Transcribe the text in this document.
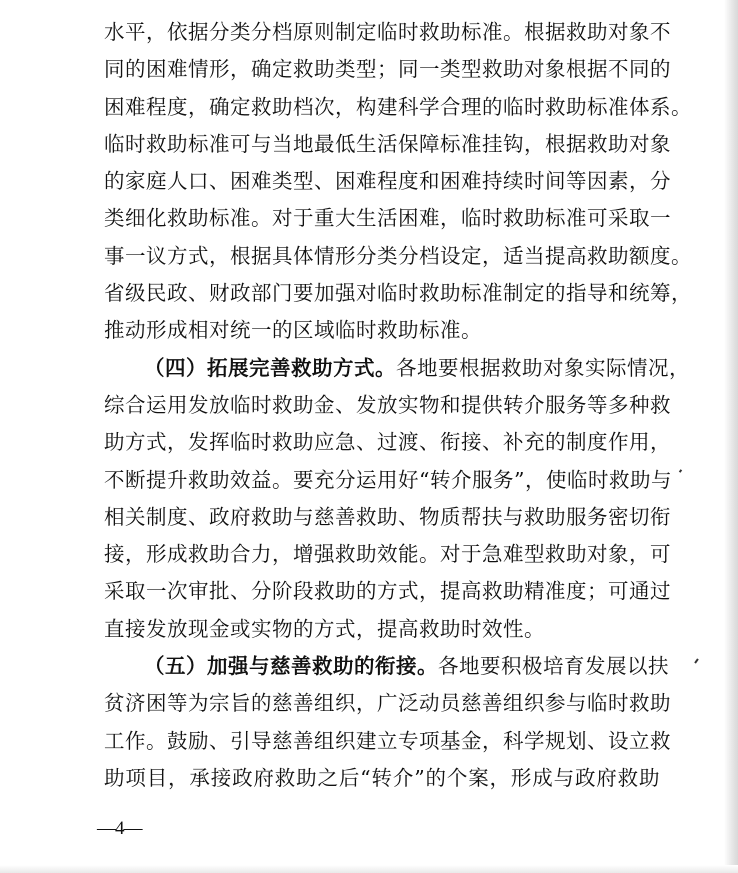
水平，依据分类分档原则制定临时救助标准。根据救助对象不
同的困难情形，确定救助类型；同一类型救助对象根据不同的
困难程度，确定救助档次，构建科学合理的临时救助标准体系。
临时救助标准可与当地最低生活保障标准挂钩，根据救助对象
的家庭人口、困难类型、困难程度和困难持续时间等因素，分
类细化救助标准。对于重大生活困难，临时救助标准可采取一
事一议方式，根据具体情形分类分档设定，适当提高救助额度。
省级民政、财政部门要加强对临时救助标准制定的指导和统筹，
推动形成相对统一的区域临时救助标准。
（四）拓展完善救助方式。各地要根据救助对象实际情况，
综合运用发放临时救助金、发放实物和提供转介服务等多种救
助方式，发挥临时救助应急、过渡、衔接、补充的制度作用，
不断提升救助效益。要充分运用好“转介服务”，使临时救助与
相关制度、政府救助与慈善救助、物质帮扶与救助服务密切衔
接，形成救助合力，增强救助效能。对于急难型救助对象，可
采取一次审批、分阶段救助的方式，提高救助精准度；可通过
直接发放现金或实物的方式，提高救助时效性。
（五）加强与慈善救助的衔接。各地要积极培育发展以扶
贫济困等为宗旨的慈善组织，广泛动员慈善组织参与临时救助
工作。鼓励、引导慈善组织建立专项基金，科学规划、设立救
助项目，承接政府救助之后“转介”的个案，形成与政府救助
—4—
